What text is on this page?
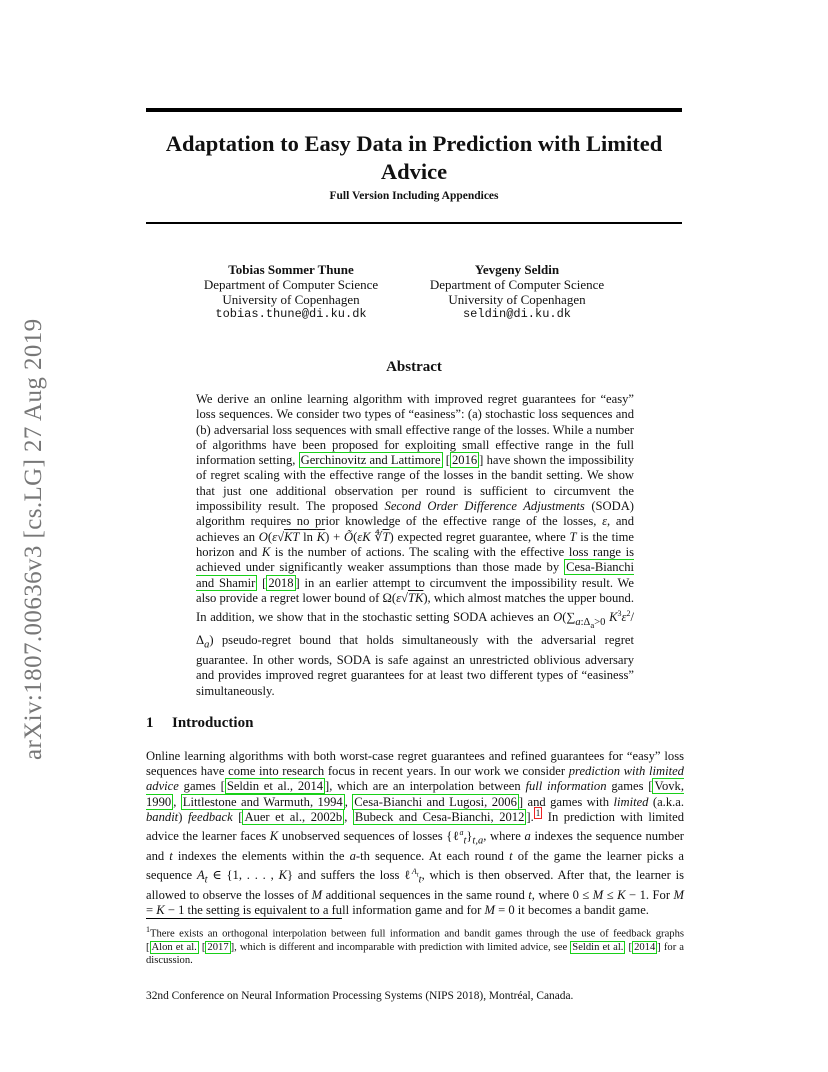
Adaptation to Easy Data in Prediction with Limited Advice
Full Version Including Appendices
arXiv:1807.00636v3 [cs.LG] 27 Aug 2019
Tobias Sommer Thune
Department of Computer Science
University of Copenhagen
tobias.thune@di.ku.dk
Yevgeny Seldin
Department of Computer Science
University of Copenhagen
seldin@di.ku.dk
Abstract
We derive an online learning algorithm with improved regret guarantees for “easy” loss sequences. We consider two types of “easiness”: (a) stochastic loss sequences and (b) adversarial loss sequences with small effective range of the losses. While a number of algorithms have been proposed for exploiting small effective range in the full information setting, Gerchinovitz and Lattimore [ 2016 ] have shown the impossibility of regret scaling with the effective range of the losses in the bandit setting. We show that just one additional observation per round is sufficient to circumvent the impossibility result. The proposed Second Order Difference Adjustments (SODA) algorithm requires no prior knowledge of the effective range of the losses, ε, and achieves an O(ε√KT ln K) + Õ(εK $∜\overline{T}$) expected regret guarantee, where T is the time horizon and K is the number of actions. The scaling with the effective loss range is achieved under significantly weaker assumptions than those made by Cesa-Bianchi and Shamir [ 2018 ] in an earlier attempt to circumvent the impossibility result. We also provide a regret lower bound of Ω(ε√TK), which almost matches the upper bound. In addition, we show that in the stochastic setting SODA achieves an $O(\sum_{a:\Delta_a>0}$ $K^3\varepsilon^2/\Delta_a$) pseudo-regret bound that holds simultaneously with the adversarial regret guarantee. In other words, SODA is safe against an unrestricted oblivious adversary and provides improved regret guarantees for at least two different types of “easiness” simultaneously.
1 Introduction
Online learning algorithms with both worst-case regret guarantees and refined guarantees for “easy” loss sequences have come into research focus in recent years. In our work we consider prediction with limited advice games [ Seldin et al., 2014 ], which are an interpolation between full information games [ Vovk, 1990 , Littlestone and Warmuth, 1994 , Cesa-Bianchi and Lugosi, 2006 ] and games with limited (a.k.a. bandit) feedback [ Auer et al., 2002b , Bubeck and Cesa-Bianchi, 2012 ]. $^1$ In prediction with limited advice the learner faces K unobserved sequences of losses $\{\ell^a_t\}_{t,a}$, where a indexes the sequence number and t indexes the elements within the a-th sequence. At each round t of the game the learner picks a sequence $A_t$ ∈ {1, . . . , K} and suffers the loss ℓ$^{A_t}_t$, which is then observed. After that, the learner is allowed to observe the losses of M additional sequences in the same round t, where 0 ≤ M ≤ K − 1. For M = K − 1 the setting is equivalent to a full information game and for M = 0 it becomes a bandit game.
$^1$There exists an orthogonal interpolation between full information and bandit games through the use of feedback graphs [ Alon et al. [ 2017 ], which is different and incomparable with prediction with limited advice, see Seldin et al. [ 2014 ] for a discussion.
32nd Conference on Neural Information Processing Systems (NIPS 2018), Montréal, Canada.
